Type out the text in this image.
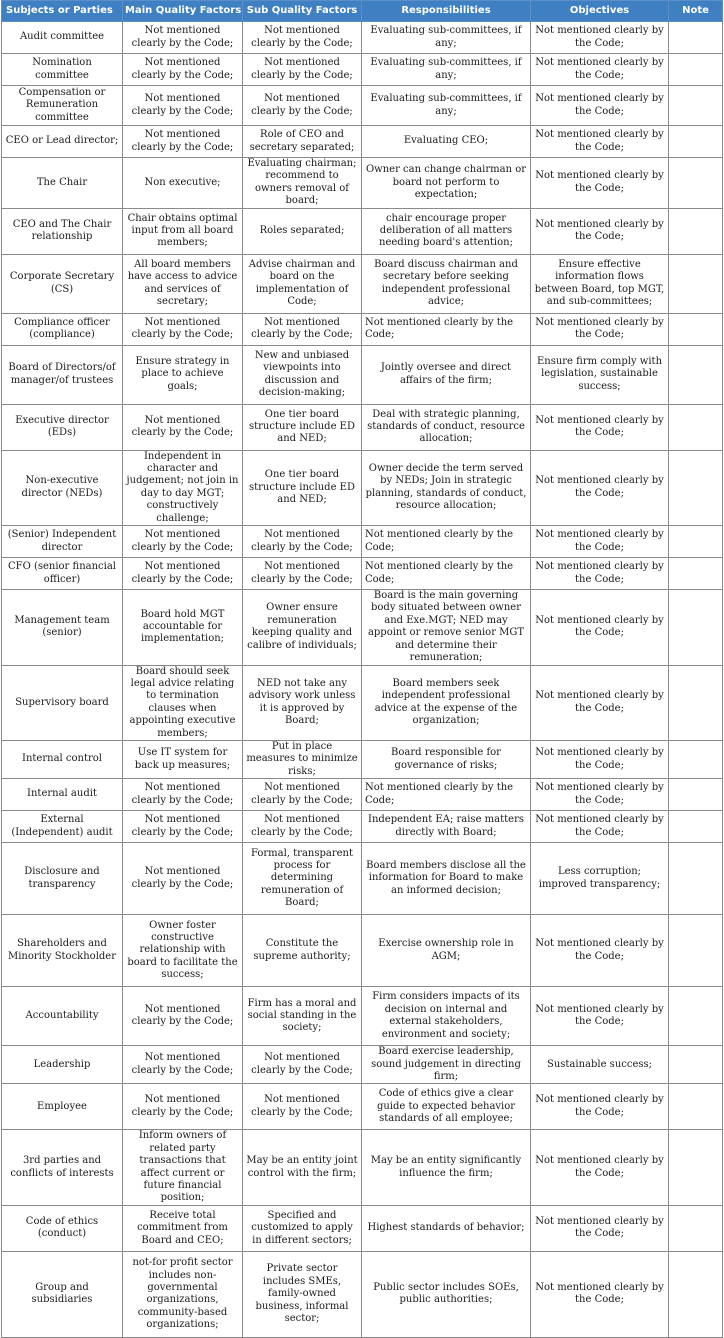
Subjects or Parties	Main Quality Factors	Sub Quality Factors	Responsibilities	Objectives	Note
Audit committee	Not mentioned clearly by the Code;	Not mentioned clearly by the Code;	Evaluating sub-committees, if any;	Not mentioned clearly by the Code;	
Nomination committee	Not mentioned clearly by the Code;	Not mentioned clearly by the Code;	Evaluating sub-committees, if any;	Not mentioned clearly by the Code;	
Compensation or Remuneration committee	Not mentioned clearly by the Code;	Not mentioned clearly by the Code;	Evaluating sub-committees, if any;	Not mentioned clearly by the Code;	
CEO or Lead director;	Not mentioned clearly by the Code;	Role of CEO and secretary separated;	Evaluating CEO;	Not mentioned clearly by the Code;	
The Chair	Non executive;	Evaluating chairman; recommend to owners removal of board;	Owner can change chairman or board not perform to expectation;	Not mentioned clearly by the Code;	
CEO and The Chair relationship	Chair obtains optimal input from all board members;	Roles separated;	chair encourage proper deliberation of all matters needing board's attention;	Not mentioned clearly by the Code;	
Corporate Secretary (CS)	All board members have access to advice and services of secretary;	Advise chairman and board on the implementation of Code;	Board discuss chairman and secretary before seeking independent professional advice;	Ensure effective information flows between Board, top MGT, and sub-committees;	
Compliance officer (compliance)	Not mentioned clearly by the Code;	Not mentioned clearly by the Code;	Not mentioned clearly by the Code;	Not mentioned clearly by the Code;	
Board of Directors/of manager/of trustees	Ensure strategy in place to achieve goals;	New and unbiased viewpoints into discussion and decision-making;	Jointly oversee and direct affairs of the firm;	Ensure firm comply with legislation, sustainable success;	
Executive director (EDs)	Not mentioned clearly by the Code;	One tier board structure include ED and NED;	Deal with strategic planning, standards of conduct, resource allocation;	Not mentioned clearly by the Code;	
Non-executive director (NEDs)	Independent in character and judgement; not join in day to day MGT; constructively challenge;	One tier board structure include ED and NED;	Owner decide the term served by NEDs; Join in strategic planning, standards of conduct, resource allocation;	Not mentioned clearly by the Code;	
(Senior) Independent director	Not mentioned clearly by the Code;	Not mentioned clearly by the Code;	Not mentioned clearly by the Code;	Not mentioned clearly by the Code;	
CFO (senior financial officer)	Not mentioned clearly by the Code;	Not mentioned clearly by the Code;	Not mentioned clearly by the Code;	Not mentioned clearly by the Code;	
Management team (senior)	Board hold MGT accountable for implementation;	Owner ensure remuneration keeping quality and calibre of individuals;	Board is the main governing body situated between owner and Exe.MGT; NED may appoint or remove senior MGT and determine their remuneration;	Not mentioned clearly by the Code;	
Supervisory board	Board should seek legal advice relating to termination clauses when appointing executive members;	NED not take any advisory work unless it is approved by Board;	Board members seek independent professional advice at the expense of the organization;	Not mentioned clearly by the Code;	
Internal control	Use IT system for back up measures;	Put in place measures to minimize risks;	Board responsible for governance of risks;	Not mentioned clearly by the Code;	
Internal audit	Not mentioned clearly by the Code;	Not mentioned clearly by the Code;	Not mentioned clearly by the Code;	Not mentioned clearly by the Code;	
External (Independent) audit	Not mentioned clearly by the Code;	Not mentioned clearly by the Code;	Independent EA; raise matters directly with Board;	Not mentioned clearly by the Code;	
Disclosure and transparency	Not mentioned clearly by the Code;	Formal, transparent process for determining remuneration of Board;	Board members disclose all the information for Board to make an informed decision;	Less corruption; improved transparency;	
Shareholders and Minority Stockholder	Owner foster constructive relationship with board to facilitate the success;	Constitute the supreme authority;	Exercise ownership role in AGM;	Not mentioned clearly by the Code;	
Accountability	Not mentioned clearly by the Code;	Firm has a moral and social standing in the society;	Firm considers impacts of its decision on internal and external stakeholders, environment and society;	Not mentioned clearly by the Code;	
Leadership	Not mentioned clearly by the Code;	Not mentioned clearly by the Code;	Board exercise leadership, sound judgement in directing firm;	Sustainable success;	
Employee	Not mentioned clearly by the Code;	Not mentioned clearly by the Code;	Code of ethics give a clear guide to expected behavior standards of all employee;	Not mentioned clearly by the Code;	
3rd parties and conflicts of interests	Inform owners of related party transactions that affect current or future financial position;	May be an entity joint control with the firm;	May be an entity significantly influence the firm;	Not mentioned clearly by the Code;	
Code of ethics (conduct)	Receive total commitment from Board and CEO;	Specified and customized to apply in different sectors;	Highest standards of behavior;	Not mentioned clearly by the Code;	
Group and subsidiaries	not-for profit sector includes non-governmental organizations, community-based organizations;	Private sector includes SMEs, family-owned business, informal sector;	Public sector includes SOEs, public authorities;	Not mentioned clearly by the Code;	
